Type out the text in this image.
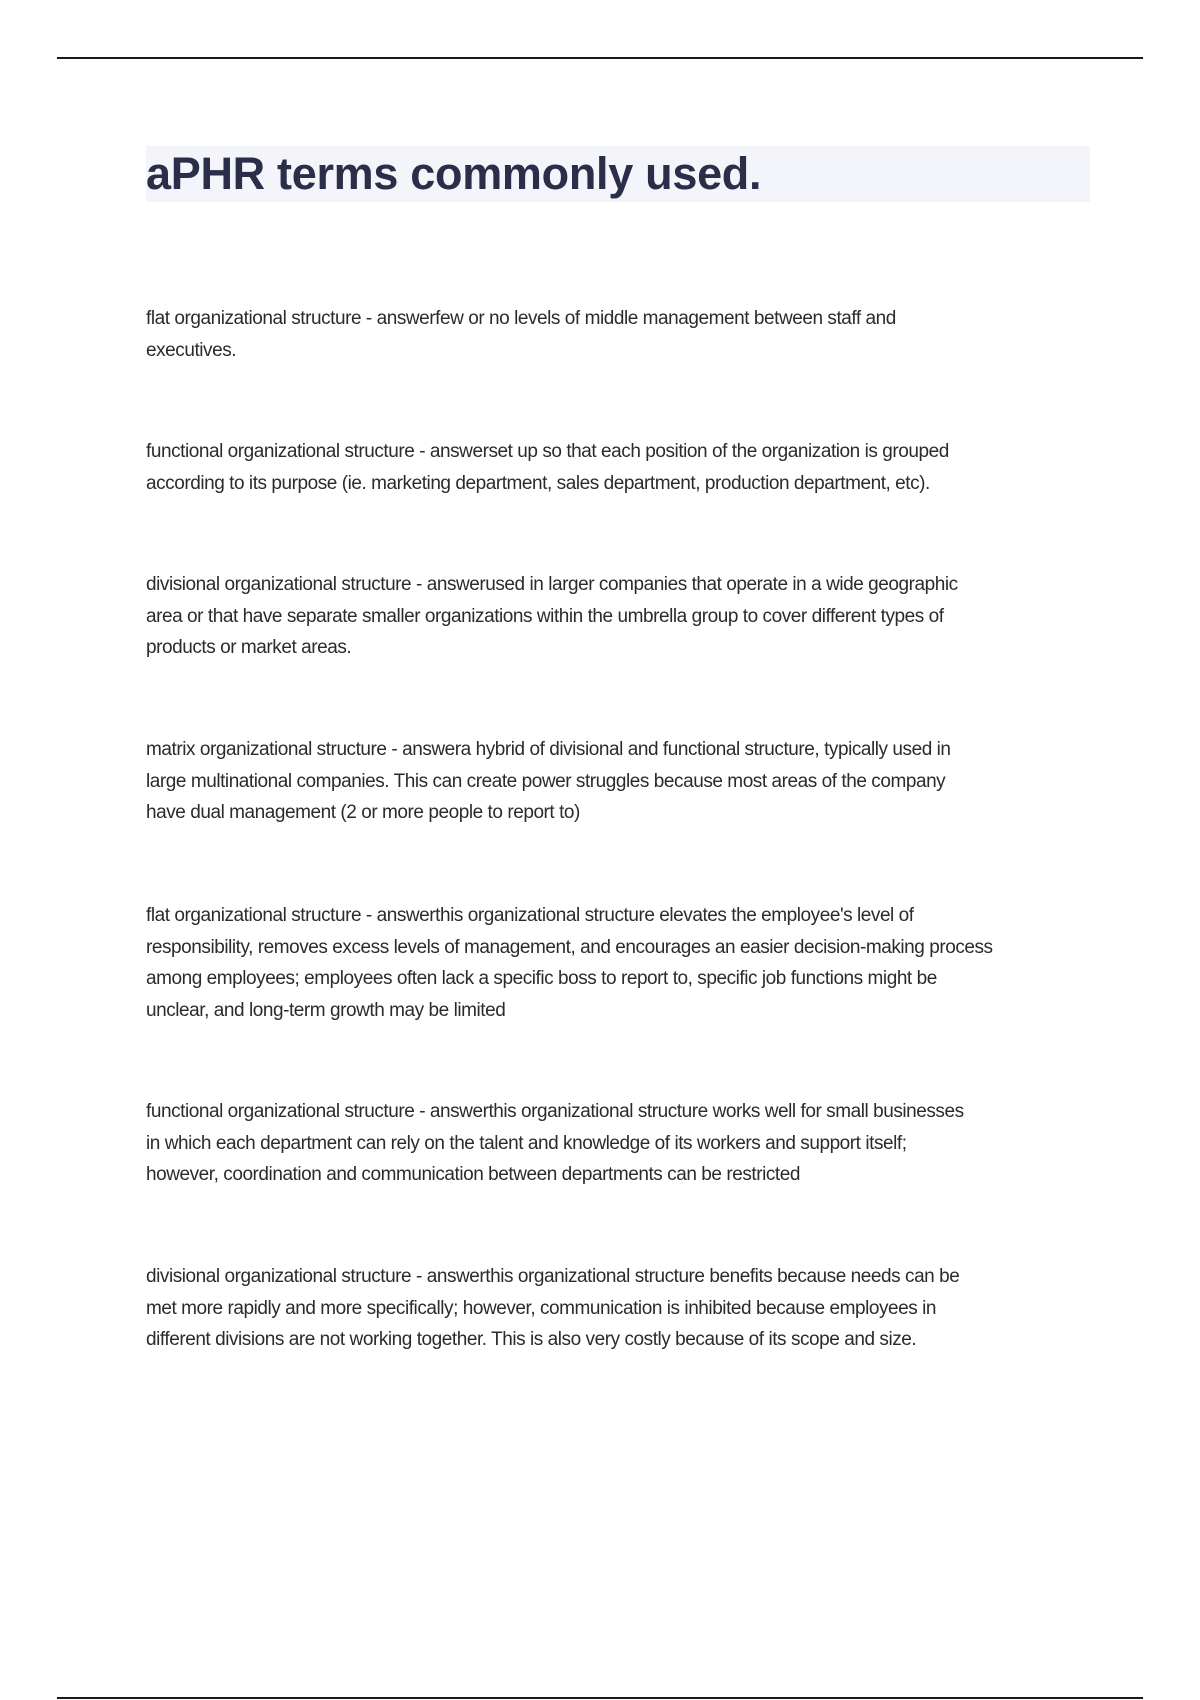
aPHR terms commonly used.

flat organizational structure - answerfew or no levels of middle management between staff and
executives.

functional organizational structure - answerset up so that each position of the organization is grouped
according to its purpose (ie. marketing department, sales department, production department, etc).

divisional organizational structure - answerused in larger companies that operate in a wide geographic
area or that have separate smaller organizations within the umbrella group to cover different types of
products or market areas.

matrix organizational structure - answera hybrid of divisional and functional structure, typically used in
large multinational companies. This can create power struggles because most areas of the company
have dual management (2 or more people to report to)

flat organizational structure - answerthis organizational structure elevates the employee's level of
responsibility, removes excess levels of management, and encourages an easier decision-making process
among employees; employees often lack a specific boss to report to, specific job functions might be
unclear, and long-term growth may be limited

functional organizational structure - answerthis organizational structure works well for small businesses
in which each department can rely on the talent and knowledge of its workers and support itself;
however, coordination and communication between departments can be restricted

divisional organizational structure - answerthis organizational structure benefits because needs can be
met more rapidly and more specifically; however, communication is inhibited because employees in
different divisions are not working together. This is also very costly because of its scope and size.
